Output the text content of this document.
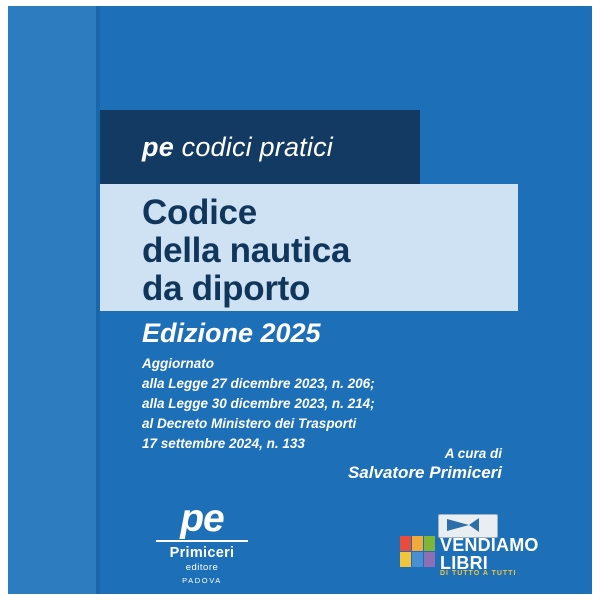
pe codici pratici
Codice
della nautica
da diporto
Edizione 2025
Aggiornato
alla Legge 27 dicembre 2023, n. 206;
alla Legge 30 dicembre 2023, n. 214;
al Decreto Ministero dei Trasporti
17 settembre 2024, n. 133
A cura di
Salvatore Primiceri
pe
Primiceri
editore
PADOVA
VENDIAMO
LIBRI
DI TUTTO A TUTTI
